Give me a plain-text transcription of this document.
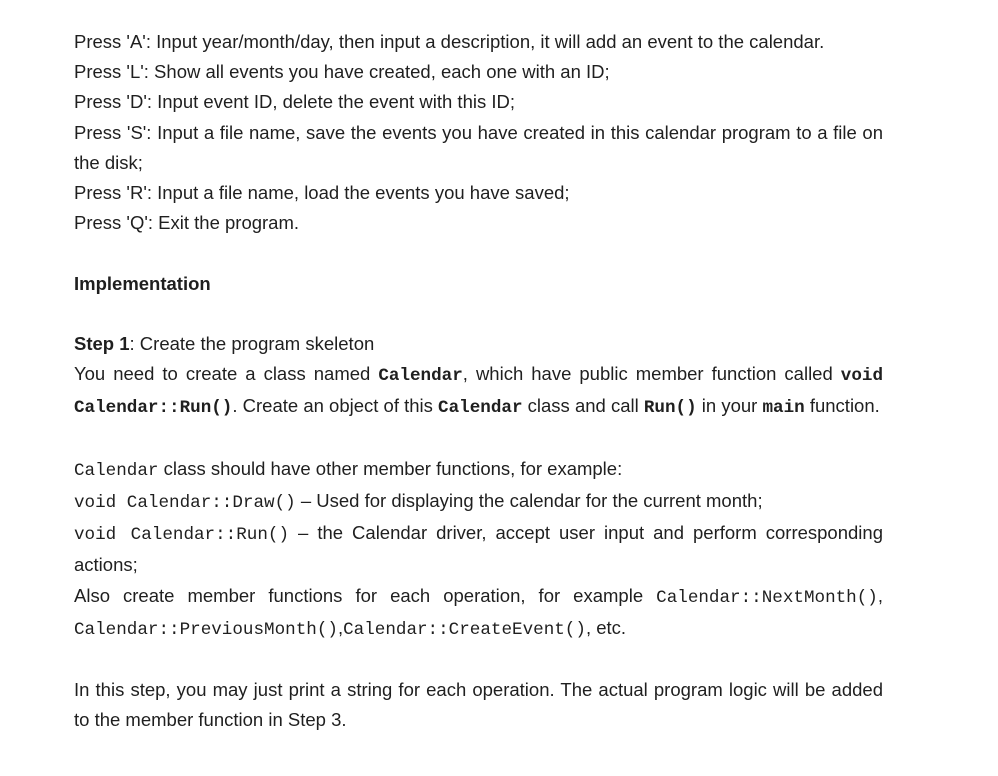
Press 'A': Input year/month/day, then input a description, it will add an event to the calendar.
Press 'L': Show all events you have created, each one with an ID;
Press 'D': Input event ID, delete the event with this ID;
Press 'S': Input a file name, save the events you have created in this calendar program to a file on the disk;
Press 'R': Input a file name, load the events you have saved;
Press 'Q': Exit the program.
Implementation
Step 1: Create the program skeleton
You need to create a class named Calendar, which have public member function called void Calendar::Run(). Create an object of this Calendar class and call Run() in your main function.
Calendar class should have other member functions, for example:
void Calendar::Draw() – Used for displaying the calendar for the current month;
void Calendar::Run() – the Calendar driver, accept user input and perform corresponding actions;
Also create member functions for each operation, for example Calendar::NextMonth(), Calendar::PreviousMonth(),Calendar::CreateEvent(), etc.
In this step, you may just print a string for each operation. The actual program logic will be added to the member function in Step 3.
